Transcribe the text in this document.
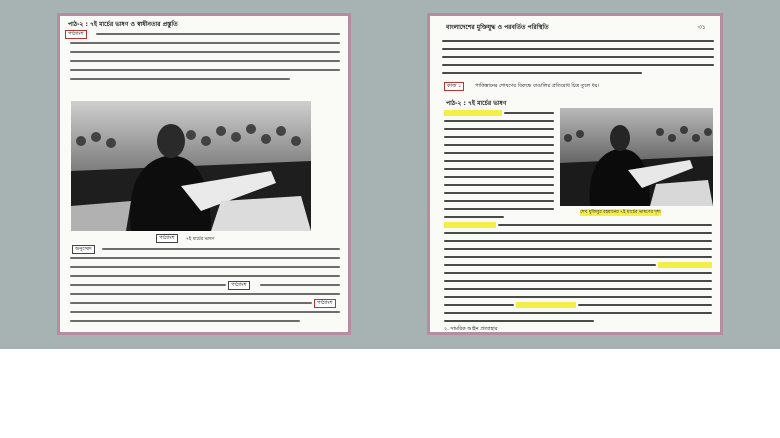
পাঠ-২ : ৭ই মার্চের ভাষণ ও স্বাধীনতার প্রস্তুতি
পাঠ্যাংশ
পাঠ্যাংশ	৭ই মার্চের ভাষণ
অনুচ্ছেদ
পাঠ্যাংশ
পাঠ্যাংশ
বাংলাদেশের মুক্তিযুদ্ধ ও পরবর্তিত পরিস্থিতি	৩১
কাজ ১	পাকিস্তানের শোষণের বিরুদ্ধে বাঙালির প্রতিরোধ চিত্র তুলে ধর।
পাঠ-২ : ৭ই মার্চের ভাষণ
শেখ মুজিবুর রহমানের ৭ই মার্চের ভাষণের দৃশ্য
২. সামরিক আইন প্রত্যাহার
